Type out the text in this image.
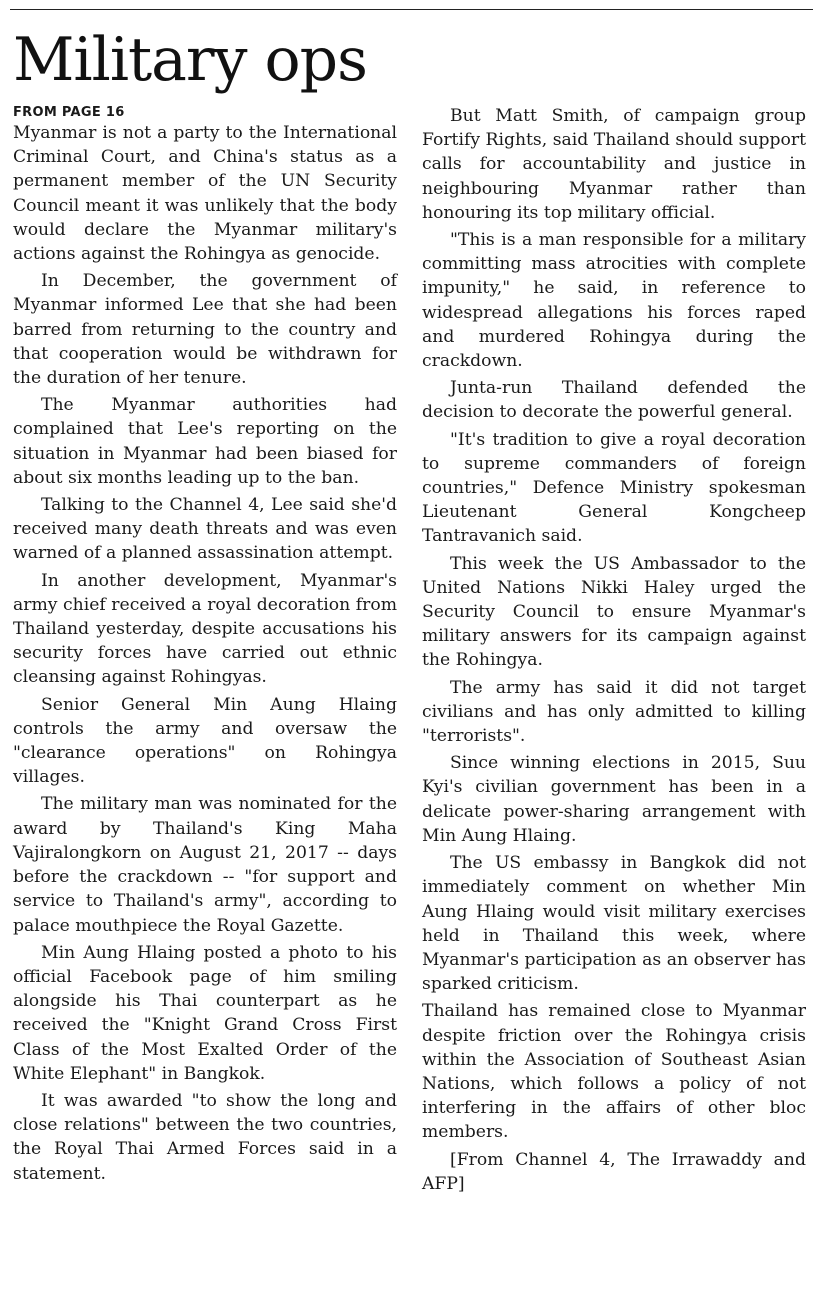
Military ops

FROM PAGE 16

Myanmar is not a party to the International Criminal Court, and China's status as a permanent member of the UN Security Council meant it was unlikely that the body would declare the Myanmar military's actions against the Rohingya as genocide.

In December, the government of Myanmar informed Lee that she had been barred from returning to the country and that cooperation would be withdrawn for the duration of her tenure.

The Myanmar authorities had complained that Lee's reporting on the situation in Myanmar had been biased for about six months leading up to the ban.

Talking to the Channel 4, Lee said she'd received many death threats and was even warned of a planned assassination attempt.

In another development, Myanmar's army chief received a royal decoration from Thailand yesterday, despite accusations his security forces have carried out ethnic cleansing against Rohingyas.

Senior General Min Aung Hlaing controls the army and oversaw the "clearance operations" on Rohingya villages.

The military man was nominated for the award by Thailand's King Maha Vajiralongkorn on August 21, 2017 -- days before the crackdown -- "for support and service to Thailand's army", according to palace mouthpiece the Royal Gazette.

Min Aung Hlaing posted a photo to his official Facebook page of him smiling alongside his Thai counterpart as he received the "Knight Grand Cross First Class of the Most Exalted Order of the White Elephant" in Bangkok.

It was awarded "to show the long and close relations" between the two countries, the Royal Thai Armed Forces said in a statement.

But Matt Smith, of campaign group Fortify Rights, said Thailand should support calls for accountability and justice in neighbouring Myanmar rather than honouring its top military official.

"This is a man responsible for a military committing mass atrocities with complete impunity," he said, in reference to widespread allegations his forces raped and murdered Rohingya during the crackdown.

Junta-run Thailand defended the decision to decorate the powerful general.

"It's tradition to give a royal decoration to supreme commanders of foreign countries," Defence Ministry spokesman Lieutenant General Kongcheep Tantravanich said.

This week the US Ambassador to the United Nations Nikki Haley urged the Security Council to ensure Myanmar's military answers for its campaign against the Rohingya.

The army has said it did not target civilians and has only admitted to killing "terrorists".

Since winning elections in 2015, Suu Kyi's civilian government has been in a delicate power-sharing arrangement with Min Aung Hlaing.

The US embassy in Bangkok did not immediately comment on whether Min Aung Hlaing would visit military exercises held in Thailand this week, where Myanmar's participation as an observer has sparked criticism.

Thailand has remained close to Myanmar despite friction over the Rohingya crisis within the Association of Southeast Asian Nations, which follows a policy of not interfering in the affairs of other bloc members.

[From Channel 4, The Irrawaddy and AFP]
